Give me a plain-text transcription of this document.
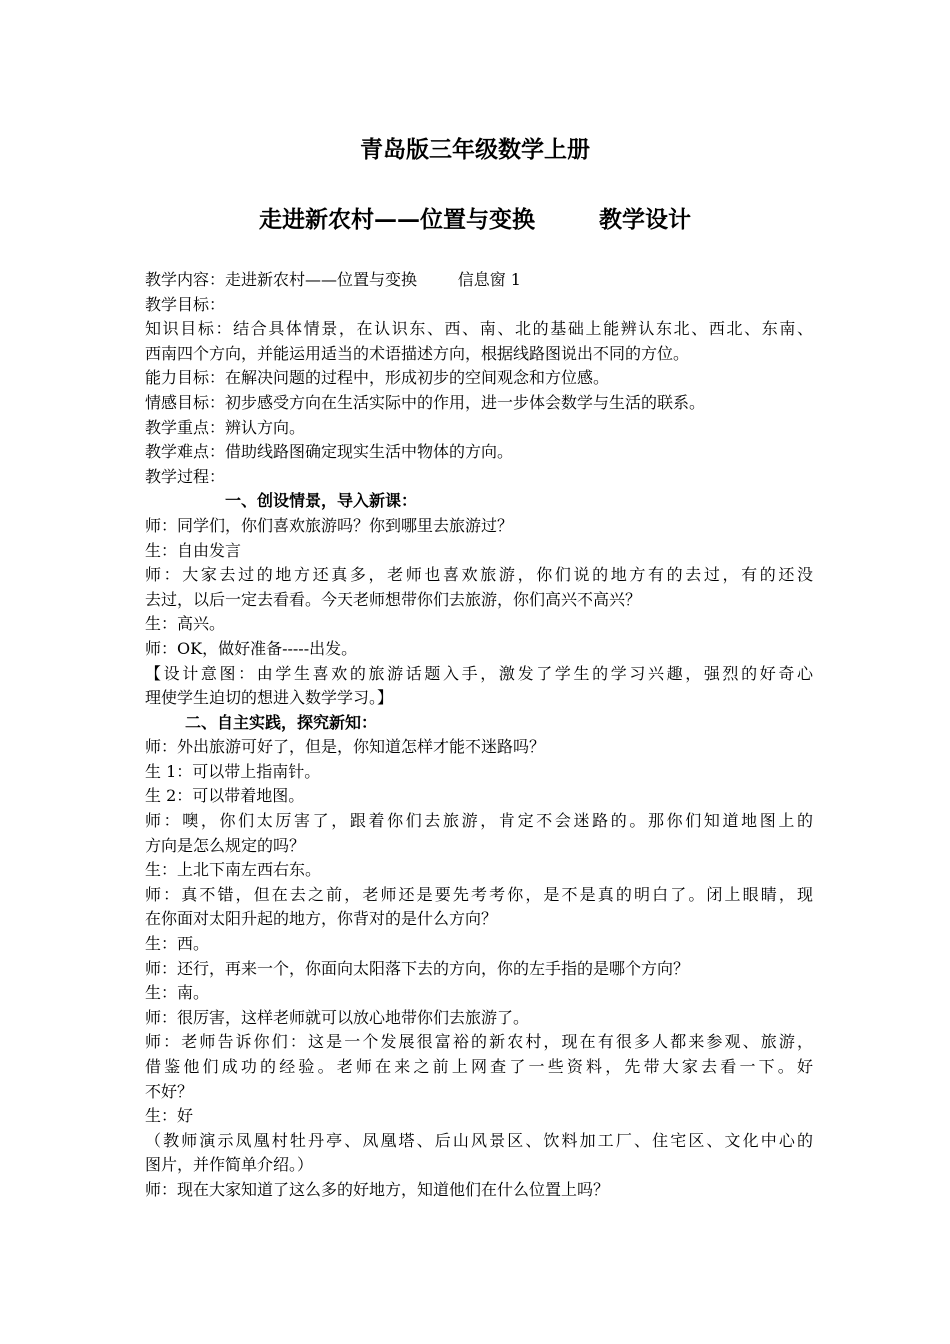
青岛版三年级数学上册
走进新农村——位置与变换        教学设计
教学内容：走进新农村——位置与变换        信息窗 1
教学目标：
知识目标：结合具体情景，在认识东、西、南、北的基础上能辨认东北、西北、东南、
西南四个方向，并能运用适当的术语描述方向，根据线路图说出不同的方位。
能力目标：在解决问题的过程中，形成初步的空间观念和方位感。
情感目标：初步感受方向在生活实际中的作用，进一步体会数学与生活的联系。
教学重点：辨认方向。
教学难点：借助线路图确定现实生活中物体的方向。
教学过程：
一、创设情景，导入新课：
师：同学们，你们喜欢旅游吗？你到哪里去旅游过？
生：自由发言
师：大家去过的地方还真多，老师也喜欢旅游，你们说的地方有的去过，有的还没
去过，以后一定去看看。今天老师想带你们去旅游，你们高兴不高兴？
生：高兴。
师：OK，做好准备-----出发。
【设计意图：由学生喜欢的旅游话题入手，激发了学生的学习兴趣，强烈的好奇心
理使学生迫切的想进入数学学习。】
二、自主实践，探究新知：
师：外出旅游可好了，但是，你知道怎样才能不迷路吗？
生 1：可以带上指南针。
生 2：可以带着地图。
师：噢，你们太厉害了，跟着你们去旅游，肯定不会迷路的。那你们知道地图上的
方向是怎么规定的吗？
生：上北下南左西右东。
师：真不错，但在去之前，老师还是要先考考你，是不是真的明白了。闭上眼睛，现
在你面对太阳升起的地方，你背对的是什么方向？
生：西。
师：还行，再来一个，你面向太阳落下去的方向，你的左手指的是哪个方向？
生：南。
师：很厉害，这样老师就可以放心地带你们去旅游了。
师：老师告诉你们：这是一个发展很富裕的新农村，现在有很多人都来参观、旅游，
借鉴他们成功的经验。老师在来之前上网查了一些资料，先带大家去看一下。好
不好？
生：好
（教师演示凤凰村牡丹亭、凤凰塔、后山风景区、饮料加工厂、住宅区、文化中心的
图片，并作简单介绍。）
师：现在大家知道了这么多的好地方，知道他们在什么位置上吗？
